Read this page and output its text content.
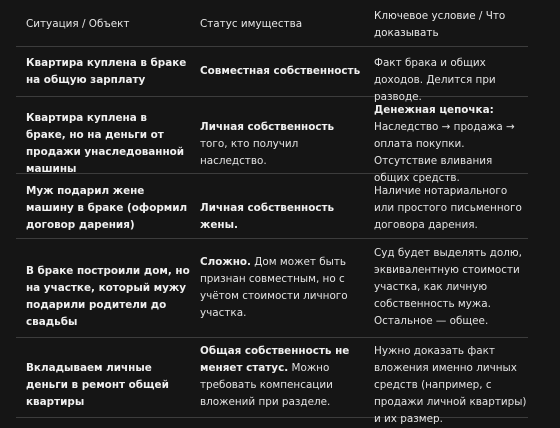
Ситуация / Объект	Статус имущества
Ключевое условие / Что доказывать
Квартира куплена в браке на общую зарплату
Совместная собственность
Факт брака и общих доходов. Делится при разводе.
Квартира куплена в браке, но на деньги от продажи унаследованной машины
Личная собственность того, кто получил наследство.
Денежная цепочка: Наследство → продажа → оплата покупки. Отсутствие вливания общих средств.
Муж подарил жене машину в браке (оформил договор дарения)
Личная собственность жены.
Наличие нотариального или простого письменного договора дарения.
В браке построили дом, но на участке, который мужу подарили родители до свадьбы
Сложно. Дом может быть признан совместным, но с учётом стоимости личного участка.
Суд будет выделять долю, эквивалентную стоимости участка, как личную собственность мужа. Остальное — общее.
Вкладываем личные деньги в ремонт общей квартиры
Общая собственность не меняет статус. Можно требовать компенсации вложений при разделе.
Нужно доказать факт вложения именно личных средств (например, с продажи личной квартиры) и их размер.
